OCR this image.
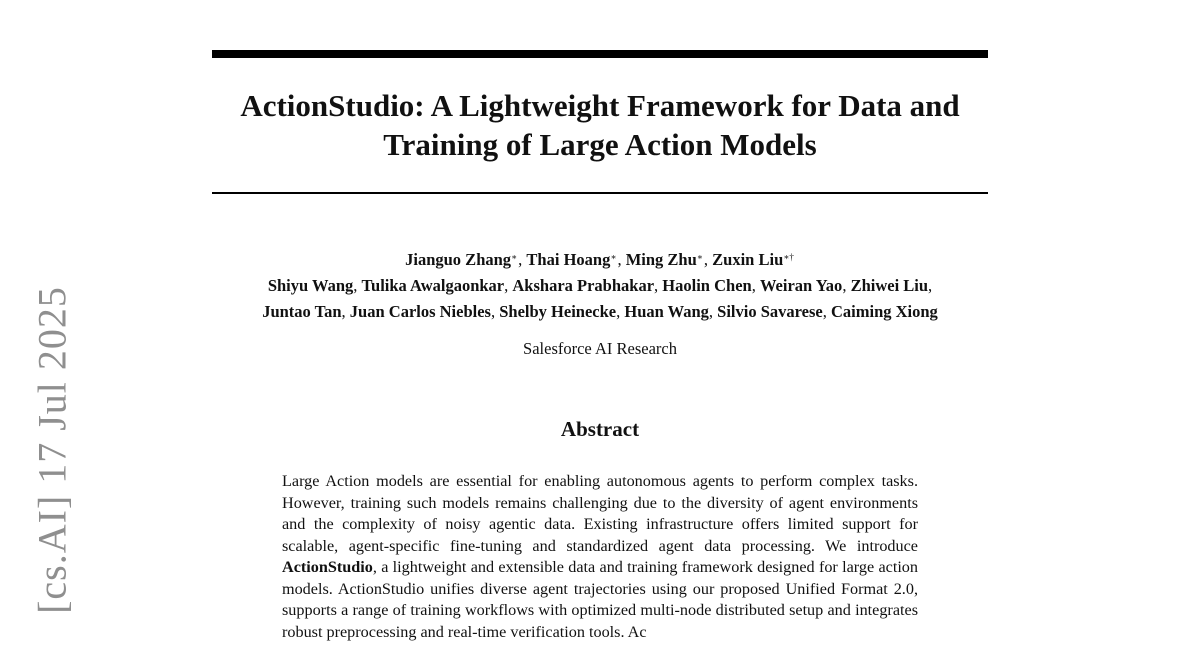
[cs.AI] 17 Jul 2025
ActionStudio: A Lightweight Framework for Data and
Training of Large Action Models
Jianguo Zhang∗, Thai Hoang∗, Ming Zhu∗, Zuxin Liu∗†
Shiyu Wang, Tulika Awalgaonkar, Akshara Prabhakar, Haolin Chen, Weiran Yao, Zhiwei Liu,
Juntao Tan, Juan Carlos Niebles, Shelby Heinecke, Huan Wang, Silvio Savarese, Caiming Xiong
Salesforce AI Research
Abstract

Large Action models are essential for enabling autonomous agents to perform complex tasks. However, training such models remains challenging due to the diversity of agent environments and the complexity of noisy agentic data. Existing infrastructure offers limited support for scalable, agent-specific fine-tuning and standardized agent data processing. We introduce ActionStudio, a lightweight and extensible data and training framework designed for large action models. ActionStudio unifies diverse agent trajectories using our proposed Unified Format 2.0, supports a range of training workflows with optimized multi-node distributed setup and integrates robust preprocessing and real-time verification tools. Ac
